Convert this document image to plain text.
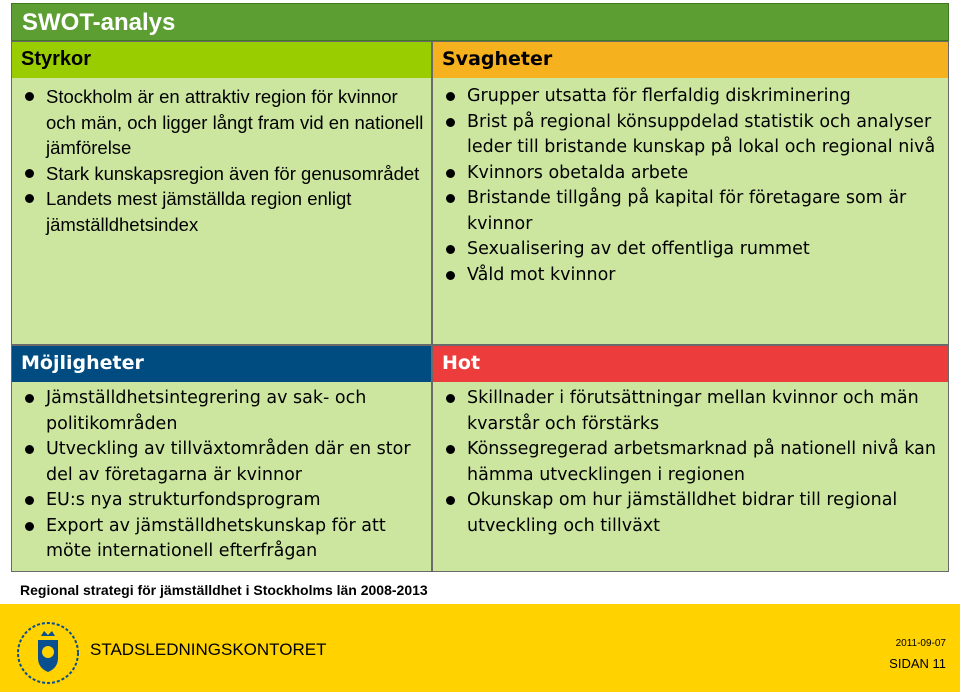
SWOT-analys
Styrkor
Stockholm är en attraktiv region för kvinnor och män, och ligger långt fram vid en nationell jämförelse
Stark kunskapsregion även för genusområdet
Landets mest jämställda region enligt jämställdhetsindex
Svagheter
Grupper utsatta för flerfaldig diskriminering
Brist på regional könsuppdelad statistik och analyser leder till bristande kunskap på lokal och regional nivå
Kvinnors obetalda arbete
Bristande tillgång på kapital för företagare som är kvinnor
Sexualisering av det offentliga rummet
Våld mot kvinnor
Möjligheter
Jämställdhetsintegrering av sak- och politikområden
Utveckling av tillväxtområden där en stor del av företagarna är kvinnor
EU:s nya strukturfondsprogram
Export av jämställdhetskunskap för att möte internationell efterfrågan
Hot
Skillnader i förutsättningar mellan kvinnor och män kvarstår och förstärks
Könssegregerad arbetsmarknad på nationell nivå kan hämma utvecklingen i regionen
Okunskap om hur jämställdhet bidrar till regional utveckling och tillväxt
Regional strategi för jämställdhet i Stockholms län 2008-2013
STADSLEDNINGSKONTORET	2011-09-07
SIDAN 11
